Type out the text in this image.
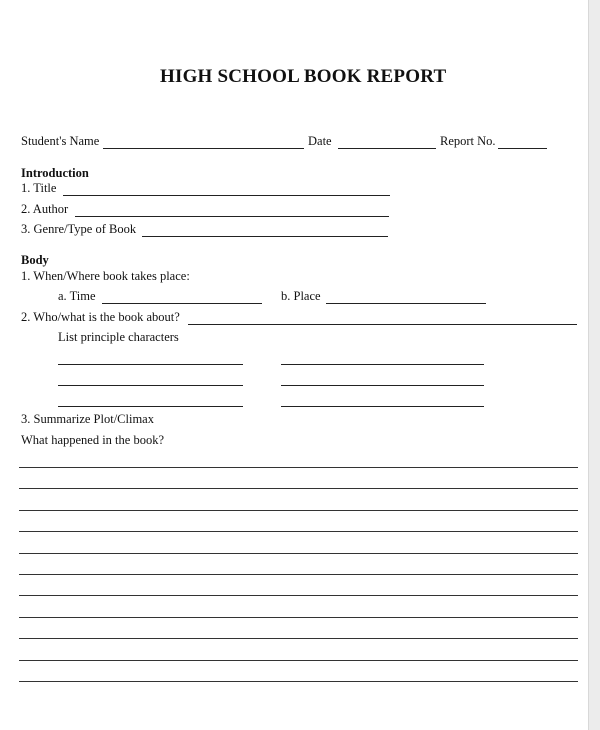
HIGH SCHOOL BOOK REPORT
Student's Name	Date	Report No.
Introduction
1. Title
2. Author
3. Genre/Type of Book
Body
1. When/Where book takes place:
a. Time	b. Place
2. Who/what is the book about?
List principle characters
3. Summarize Plot/Climax
What happened in the book?
